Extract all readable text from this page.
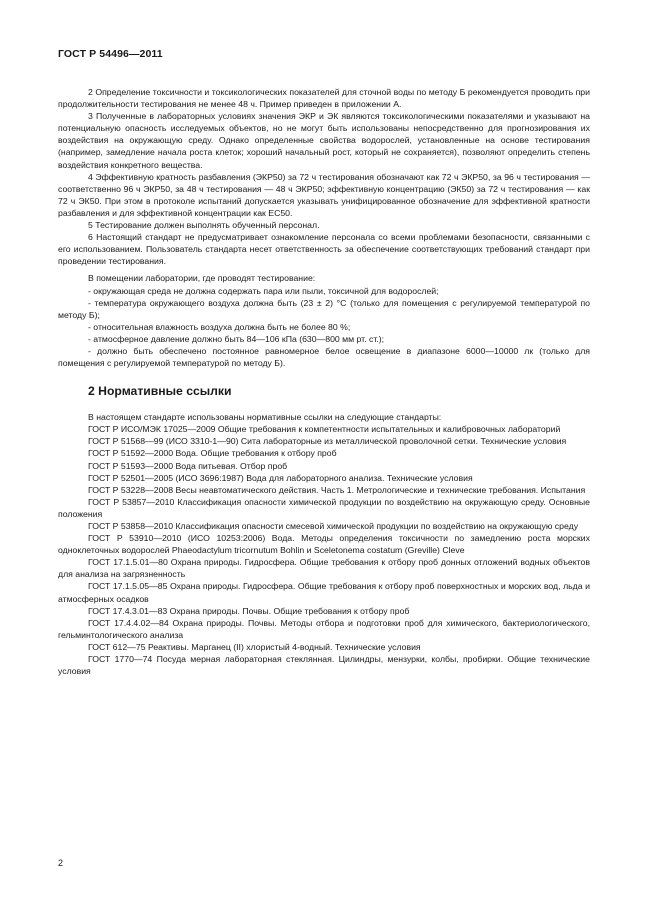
ГОСТ Р 54496—2011

2 Определение токсичности и токсикологических показателей для сточной воды по методу Б рекомендуется проводить при продолжительности тестирования не менее 48 ч. Пример приведен в приложении А.

3 Полученные в лабораторных условиях значения ЭКР и ЭК являются токсикологическими показателями и указывают на потенциальную опасность исследуемых объектов, но не могут быть использованы непосредственно для прогнозирования их воздействия на окружающую среду. Однако определенные свойства водорослей, установленные на основе тестирования (например, замедление начала роста клеток; хороший начальный рост, который не сохраняется), позволяют определить степень воздействия конкретного вещества.

4 Эффективную кратность разбавления (ЭКР50) за 72 ч тестирования обозначают как 72 ч ЭКР50, за 96 ч тестирования — соответственно 96 ч ЭКР50, за 48 ч тестирования — 48 ч ЭКР50; эффективную концентрацию (ЭК50) за 72 ч тестирования — как 72 ч ЭК50. При этом в протоколе испытаний допускается указывать унифицированное обозначение для эффективной кратности разбавления и для эффективной концентрации как ЕС50.

5 Тестирование должен выполнять обученный персонал.

6 Настоящий стандарт не предусматривает ознакомление персонала со всеми проблемами безопасности, связанными с его использованием. Пользователь стандарта несет ответственность за обеспечение соответствующих требований стандарт при проведении тестирования.

В помещении лаборатории, где проводят тестирование:

- окружающая среда не должна содержать пара или пыли, токсичной для водорослей;

- температура окружающего воздуха должна быть (23 ± 2) °С (только для помещения с регулируемой температурой по методу Б);

- относительная влажность воздуха должна быть не более 80 %;

- атмосферное давление должно быть 84—106 кПа (630—800 мм рт. ст.);

- должно быть обеспечено постоянное равномерное белое освещение в диапазоне 6000—10000 лк (только для помещения с регулируемой температурой по методу Б).

2 Нормативные ссылки

В настоящем стандарте использованы нормативные ссылки на следующие стандарты:

ГОСТ Р ИСО/МЭК 17025—2009 Общие требования к компетентности испытательных и калибровочных лабораторий

ГОСТ Р 51568—99 (ИСО 3310-1—90) Сита лабораторные из металлической проволочной сетки. Технические условия

ГОСТ Р 51592—2000 Вода. Общие требования к отбору проб

ГОСТ Р 51593—2000 Вода питьевая. Отбор проб

ГОСТ Р 52501—2005 (ИСО 3696:1987) Вода для лабораторного анализа. Технические условия

ГОСТ Р 53228—2008 Весы неавтоматического действия. Часть 1. Метрологические и технические требования. Испытания

ГОСТ Р 53857—2010 Классификация опасности химической продукции по воздействию на окружающую среду. Основные положения

ГОСТ Р 53858—2010 Классификация опасности смесевой химической продукции по воздействию на окружающую среду

ГОСТ Р 53910—2010 (ИСО 10253:2006) Вода. Методы определения токсичности по замедлению роста морских одноклеточных водорослей Phaeodactylum tricornutum Bohlin и Sceletonema costatum (Greville) Cleve

ГОСТ 17.1.5.01—80 Охрана природы. Гидросфера. Общие требования к отбору проб донных отложений водных объектов для анализа на загрязненность

ГОСТ 17.1.5.05—85 Охрана природы. Гидросфера. Общие требования к отбору проб поверхностных и морских вод, льда и атмосферных осадков

ГОСТ 17.4.3.01—83 Охрана природы. Почвы. Общие требования к отбору проб

ГОСТ 17.4.4.02—84 Охрана природы. Почвы. Методы отбора и подготовки проб для химического, бактериологического, гельминтологического анализа

ГОСТ 612—75 Реактивы. Марганец (II) хлористый 4-водный. Технические условия

ГОСТ 1770—74 Посуда мерная лабораторная стеклянная. Цилиндры, мензурки, колбы, пробирки. Общие технические условия

2
